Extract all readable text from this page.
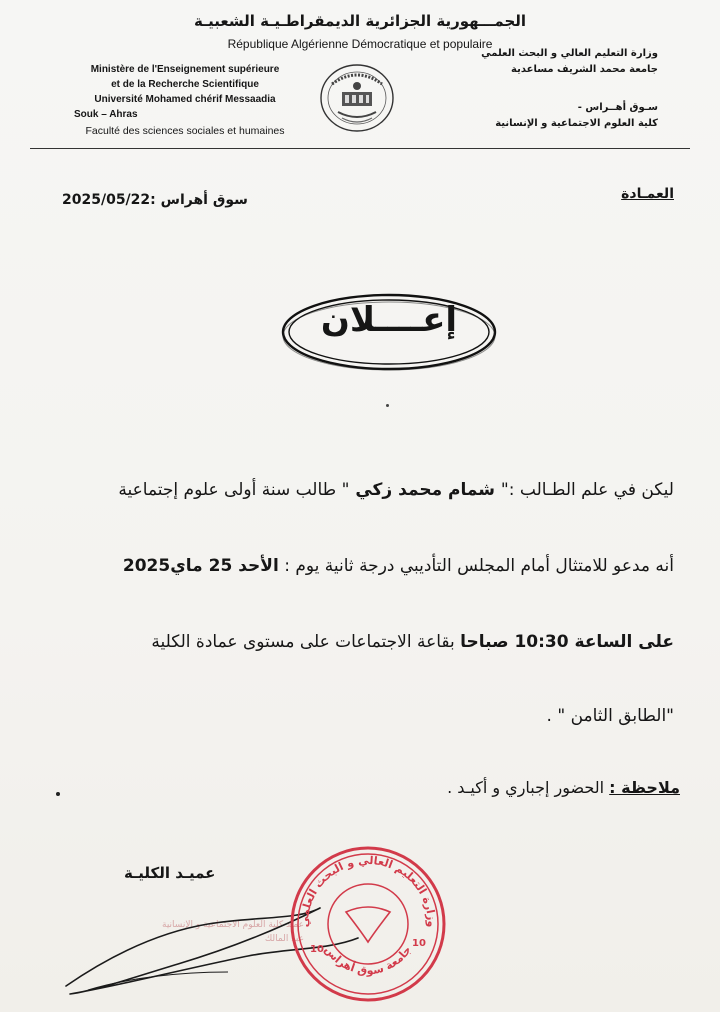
الجمـــهورية الجزائرية الديمقراطـيـة الشعبيـة
République Algérienne Démocratique et populaire
Ministère de l'Enseignement supérieure
et de la Recherche Scientifique
Université Mohamed chérif Messaadia
Souk – Ahras
Faculté des sciences sociales et humaines
وزارة التعليم العالي و البحث العلمي
جامعة محمد الشريف مساعدية
سـوق أهــراس -
كلية العلوم الاجتماعية و الإنسانية
العمـادة
سوق أهراس :2025/05/22
إعــــلان
ليكن في علم الطـالب :" شمام محمد زكي " طالب سنة أولى علوم إجتماعية
أنه مدعو للامتثال أمام المجلس التأديبي درجة ثانية يوم : الأحد 25 ماي2025
على الساعة 10:30 صباحا بقاعة الاجتماعات على مستوى عمادة الكلية
"الطابق الثامن " .
ملاحظة : الحضور إجباري و أكيـد .
عميـد الكليـة
عميد كلية العلوم الاجتماعية و الإنسانية
عبد المالك
وزارة التعليم العالي و البحث العلمي
جامعة سوق أهراس
10
10
